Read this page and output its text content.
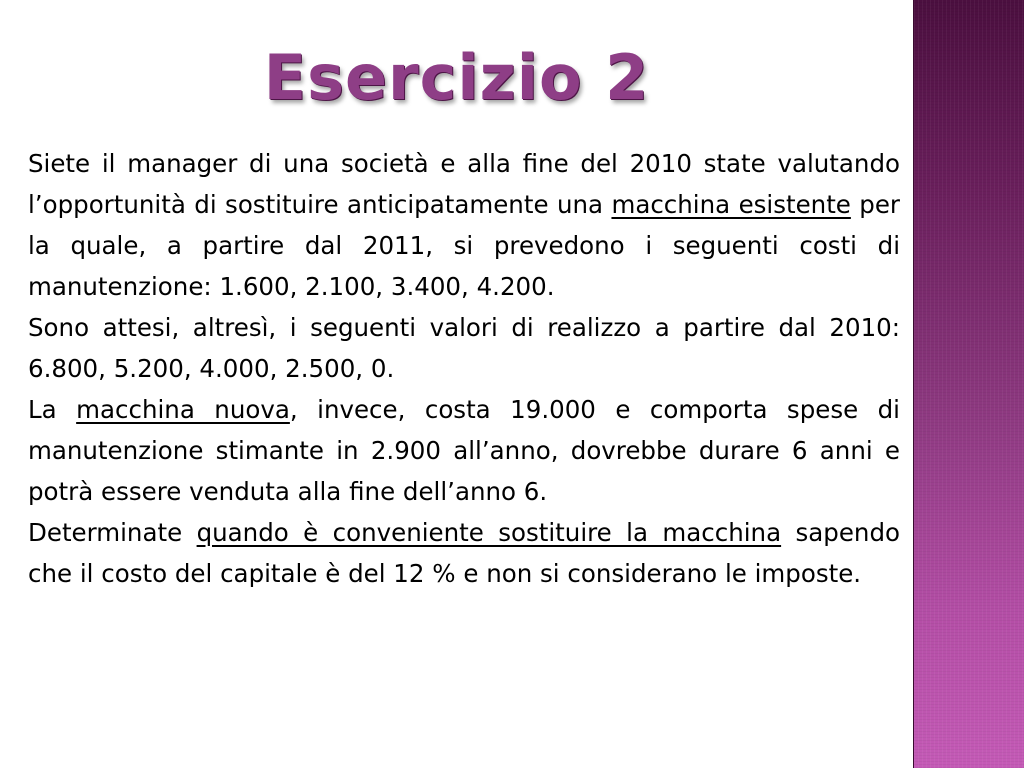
Esercizio 2

Siete il manager di una società e alla fine del 2010 state valutando l’opportunità di sostituire anticipatamente una macchina esistente per la quale, a partire dal 2011, si prevedono i seguenti costi di manutenzione: 1.600, 2.100, 3.400, 4.200.

Sono attesi, altresì, i seguenti valori di realizzo a partire dal 2010: 6.800, 5.200, 4.000, 2.500, 0.

La macchina nuova, invece, costa 19.000 e comporta spese di manutenzione stimante in 2.900 all’anno, dovrebbe durare 6 anni e potrà essere venduta alla fine dell’anno 6.

Determinate quando è conveniente sostituire la macchina sapendo che il costo del capitale è del 12 % e non si considerano le imposte.
